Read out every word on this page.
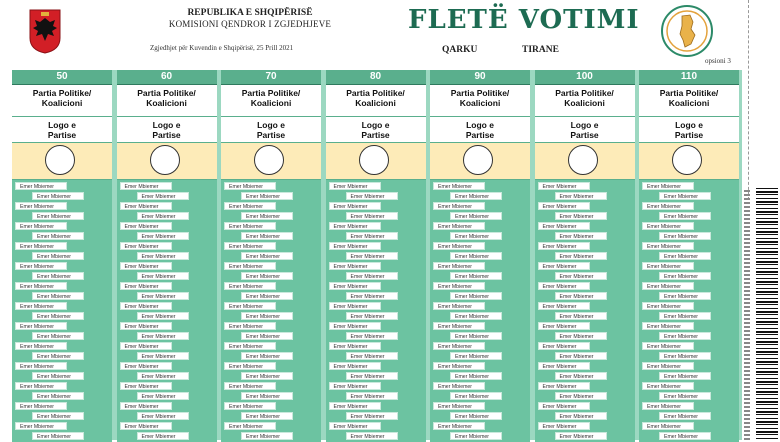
REPUBLIKA E SHQIPËRISË
KOMISIONI QENDROR I ZGJEDHJEVE
Zgjedhjet për Kuvendin e Shqipërisë, 25 Prill 2021
FLETË VOTIMI
QARKU	TIRANE
opsioni 3
50
Partia Politike/
Koalicioni
Logo e
Partise
Emer Mbiemer
Emer Mbiemer
Emer Mbiemer
Emer Mbiemer
Emer Mbiemer
Emer Mbiemer
Emer Mbiemer
Emer Mbiemer
Emer Mbiemer
Emer Mbiemer
Emer Mbiemer
Emer Mbiemer
Emer Mbiemer
Emer Mbiemer
Emer Mbiemer
Emer Mbiemer
Emer Mbiemer
Emer Mbiemer
Emer Mbiemer
Emer Mbiemer
Emer Mbiemer
Emer Mbiemer
Emer Mbiemer
Emer Mbiemer
Emer Mbiemer
Emer Mbiemer
60
Partia Politike/
Koalicioni
Logo e
Partise
Emer Mbiemer
Emer Mbiemer
Emer Mbiemer
Emer Mbiemer
Emer Mbiemer
Emer Mbiemer
Emer Mbiemer
Emer Mbiemer
Emer Mbiemer
Emer Mbiemer
Emer Mbiemer
Emer Mbiemer
Emer Mbiemer
Emer Mbiemer
Emer Mbiemer
Emer Mbiemer
Emer Mbiemer
Emer Mbiemer
Emer Mbiemer
Emer Mbiemer
Emer Mbiemer
Emer Mbiemer
Emer Mbiemer
Emer Mbiemer
Emer Mbiemer
Emer Mbiemer
70
Partia Politike/
Koalicioni
Logo e
Partise
Emer Mbiemer
Emer Mbiemer
Emer Mbiemer
Emer Mbiemer
Emer Mbiemer
Emer Mbiemer
Emer Mbiemer
Emer Mbiemer
Emer Mbiemer
Emer Mbiemer
Emer Mbiemer
Emer Mbiemer
Emer Mbiemer
Emer Mbiemer
Emer Mbiemer
Emer Mbiemer
Emer Mbiemer
Emer Mbiemer
Emer Mbiemer
Emer Mbiemer
Emer Mbiemer
Emer Mbiemer
Emer Mbiemer
Emer Mbiemer
Emer Mbiemer
Emer Mbiemer
80
Partia Politike/
Koalicioni
Logo e
Partise
Emer Mbiemer
Emer Mbiemer
Emer Mbiemer
Emer Mbiemer
Emer Mbiemer
Emer Mbiemer
Emer Mbiemer
Emer Mbiemer
Emer Mbiemer
Emer Mbiemer
Emer Mbiemer
Emer Mbiemer
Emer Mbiemer
Emer Mbiemer
Emer Mbiemer
Emer Mbiemer
Emer Mbiemer
Emer Mbiemer
Emer Mbiemer
Emer Mbiemer
Emer Mbiemer
Emer Mbiemer
Emer Mbiemer
Emer Mbiemer
Emer Mbiemer
Emer Mbiemer
90
Partia Politike/
Koalicioni
Logo e
Partise
Emer Mbiemer
Emer Mbiemer
Emer Mbiemer
Emer Mbiemer
Emer Mbiemer
Emer Mbiemer
Emer Mbiemer
Emer Mbiemer
Emer Mbiemer
Emer Mbiemer
Emer Mbiemer
Emer Mbiemer
Emer Mbiemer
Emer Mbiemer
Emer Mbiemer
Emer Mbiemer
Emer Mbiemer
Emer Mbiemer
Emer Mbiemer
Emer Mbiemer
Emer Mbiemer
Emer Mbiemer
Emer Mbiemer
Emer Mbiemer
Emer Mbiemer
Emer Mbiemer
100
Partia Politike/
Koalicioni
Logo e
Partise
Emer Mbiemer
Emer Mbiemer
Emer Mbiemer
Emer Mbiemer
Emer Mbiemer
Emer Mbiemer
Emer Mbiemer
Emer Mbiemer
Emer Mbiemer
Emer Mbiemer
Emer Mbiemer
Emer Mbiemer
Emer Mbiemer
Emer Mbiemer
Emer Mbiemer
Emer Mbiemer
Emer Mbiemer
Emer Mbiemer
Emer Mbiemer
Emer Mbiemer
Emer Mbiemer
Emer Mbiemer
Emer Mbiemer
Emer Mbiemer
Emer Mbiemer
Emer Mbiemer
110
Partia Politike/
Koalicioni
Logo e
Partise
Emer Mbiemer
Emer Mbiemer
Emer Mbiemer
Emer Mbiemer
Emer Mbiemer
Emer Mbiemer
Emer Mbiemer
Emer Mbiemer
Emer Mbiemer
Emer Mbiemer
Emer Mbiemer
Emer Mbiemer
Emer Mbiemer
Emer Mbiemer
Emer Mbiemer
Emer Mbiemer
Emer Mbiemer
Emer Mbiemer
Emer Mbiemer
Emer Mbiemer
Emer Mbiemer
Emer Mbiemer
Emer Mbiemer
Emer Mbiemer
Emer Mbiemer
Emer Mbiemer
